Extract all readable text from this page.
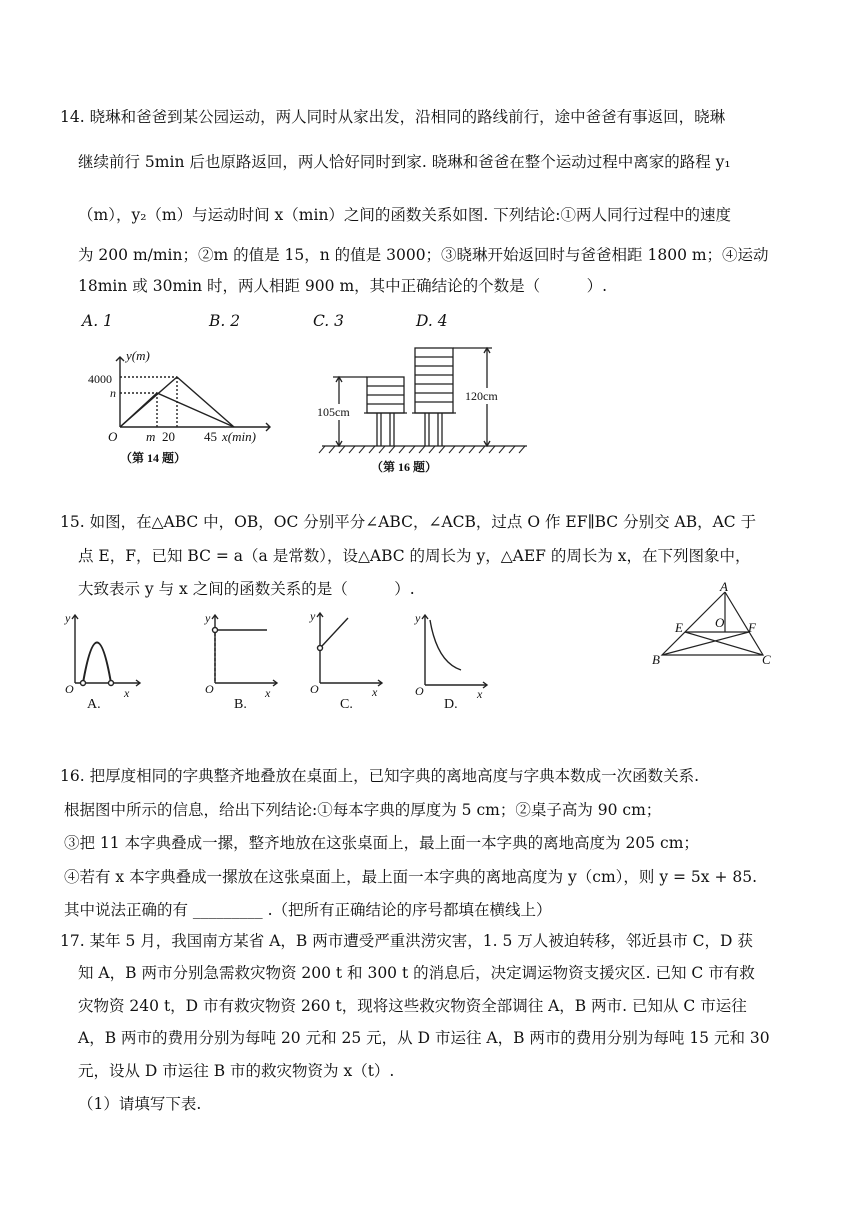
14. 晓琳和爸爸到某公园运动，两人同时从家出发，沿相同的路线前行，途中爸爸有事返回，晓琳
继续前行 5min 后也原路返回，两人恰好同时到家. 晓琳和爸爸在整个运动过程中离家的路程 y₁
（m），y₂（m）与运动时间 x（min）之间的函数关系如图. 下列结论:①两人同行过程中的速度
为 200 m/min；②m 的值是 15，n 的值是 3000；③晓琳开始返回时与爸爸相距 1800 m；④运动
18min 或 30min 时，两人相距 900 m，其中正确结论的个数是（　　　）.
A. 1	B. 2	C. 3	D. 4
y(m)
4000
n
O m 20 45 x(min)
（第 14 题）
105cm
120cm
（第 16 题）
15. 如图，在△ABC 中，OB，OC 分别平分∠ABC，∠ACB，过点 O 作 EF∥BC 分别交 AB，AC 于
点 E，F，已知 BC = a（a 是常数），设△ABC 的周长为 y，△AEF 的周长为 x，在下列图象中，
大致表示 y 与 x 之间的函数关系的是（　　　）.
y
x
O
A.
y
x
O
B.
y
x
O
C.
y
x
O
D.
A
E O F
B	C
16. 把厚度相同的字典整齐地叠放在桌面上，已知字典的离地高度与字典本数成一次函数关系.
根据图中所示的信息，给出下列结论:①每本字典的厚度为 5 cm；②桌子高为 90 cm；
③把 11 本字典叠成一摞，整齐地放在这张桌面上，最上面一本字典的离地高度为 205 cm；
④若有 x 本字典叠成一摞放在这张桌面上，最上面一本字典的离地高度为 y（cm），则 y = 5x + 85.
其中说法正确的有 _________ .（把所有正确结论的序号都填在横线上）
17. 某年 5 月，我国南方某省 A，B 两市遭受严重洪涝灾害，1. 5 万人被迫转移，邻近县市 C，D 获
知 A，B 两市分别急需救灾物资 200 t 和 300 t 的消息后，决定调运物资支援灾区. 已知 C 市有救
灾物资 240 t，D 市有救灾物资 260 t，现将这些救灾物资全部调往 A，B 两市. 已知从 C 市运往
A，B 两市的费用分别为每吨 20 元和 25 元，从 D 市运往 A，B 两市的费用分别为每吨 15 元和 30
元，设从 D 市运往 B 市的救灾物资为 x（t）.
（1）请填写下表.
